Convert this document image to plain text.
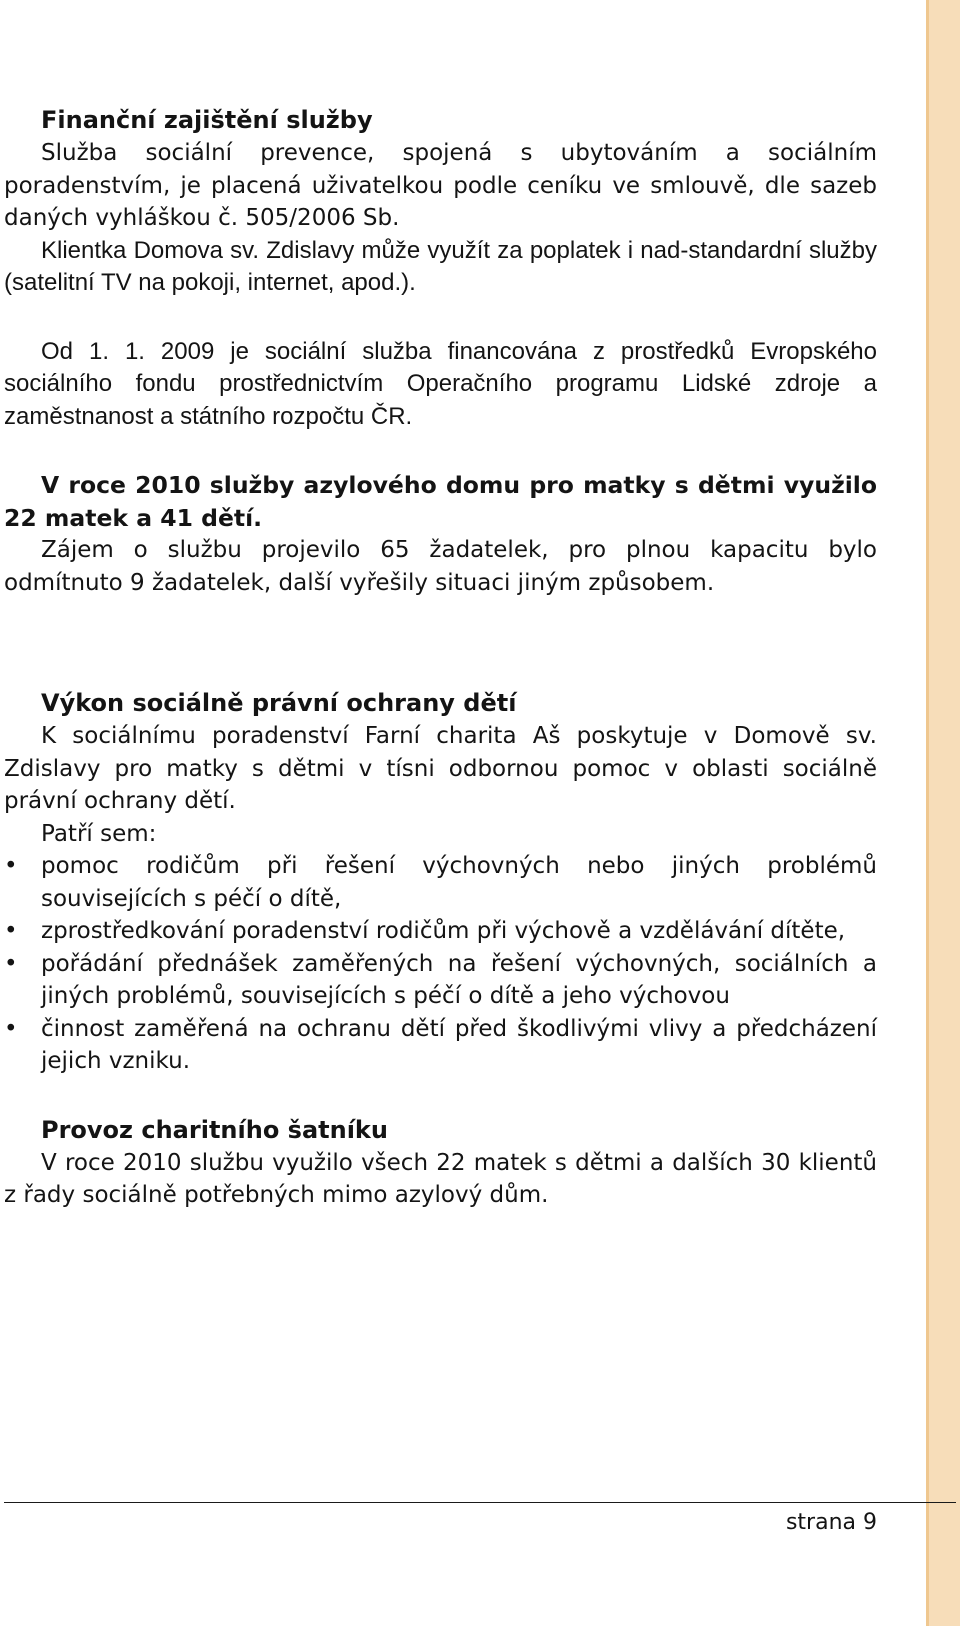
Finanční zajištění služby

Služba sociální prevence, spojená s ubytováním a sociálním poradenstvím, je placená uživatelkou podle ceníku ve smlouvě, dle sazeb daných vyhláškou č. 505/2006 Sb.

Klientka Domova sv. Zdislavy může využít za poplatek i nad-standardní služby (satelitní TV na pokoji, internet, apod.).

Od 1. 1. 2009 je sociální služba financována z prostředků Evropského sociálního fondu prostřednictvím Operačního programu Lidské zdroje a zaměstnanost a státního rozpočtu ČR.

V roce 2010 služby azylového domu pro matky s dětmi využilo 22 matek a 41 dětí.

Zájem o službu projevilo 65 žadatelek, pro plnou kapacitu bylo odmítnuto 9 žadatelek, další vyřešily situaci jiným způsobem.

Výkon sociálně právní ochrany dětí

K sociálnímu poradenství Farní charita Aš poskytuje v Domově sv. Zdislavy pro matky s dětmi v tísni odbornou pomoc v oblasti sociálně právní ochrany dětí.

Patří sem:

• pomoc rodičům při řešení výchovných nebo jiných problémů souvisejících s péčí o dítě,
• zprostředkování poradenství rodičům při výchově a vzdělávání dítěte,
• pořádání přednášek zaměřených na řešení výchovných, sociálních a jiných problémů, souvisejících s péčí o dítě a jeho výchovou
• činnost zaměřená na ochranu dětí před škodlivými vlivy a předcházení jejich vzniku.
Provoz charitního šatníku

V roce 2010 službu využilo všech 22 matek s dětmi a dalších 30 klientů z řady sociálně potřebných mimo azylový dům.

strana 9
